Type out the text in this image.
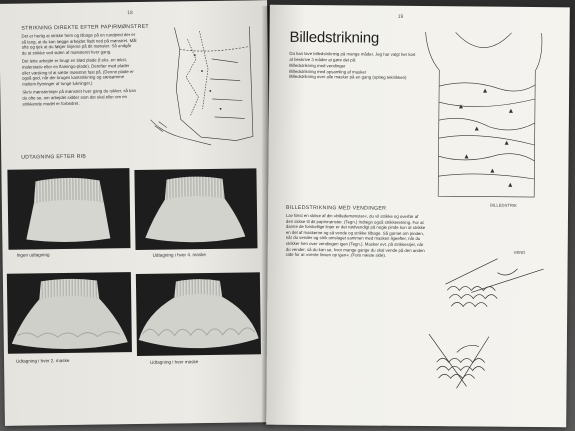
18
STRIKNING DIREKTE EFTER PAPIRMØNSTRET

Det er herlig at strikke frem og tilbage på en rundpind der er så lang, at du kan lægge arbejdet fladt ned på mønstret. Mål ofte og tjek at du følger linjerne på dit mønster. Så undgår du at strikke ved siden af mønsteret hver gang.

Det lette arbejde er brugt en blød plade (f.eks. en tekst, malerstativ eller en flamingo-plade). Derefter med plader eller væsking til at sætte mønstret fast på. (Denne plade er også god, når der bruges kantstrikning og sætsømme mellem flytninger af tunge lukninger.)

Skriv mønsterlinjer på mønstret hver gang du rykker, så kan du ofte se, om arbejdet sidder som det skal eller om en strikkende model er forbedret.

UDTAGNING EFTER RIB
Ingen udtagning	Udtagning i hver 4. maske
Udtagning i hver 2. maske	Udtagning i hver maske
19
Billedstrikning

Da kan lave billedstrikning på mange måder. Jeg har valgt her kort at beskrive 3 måder at gøre det på:

Billedstrikning med vendinger
Billedstrikning med opsamling af masker
Billedstrikning over alle masker på en gang (oplæg teknikken)
BILLEDSTRIK
BILLEDSTRIKNING MED VENDINGER
Lav først en skitse af din »billedemønster«, du vil strikke og overfør af den skitse til dit papirmønster. (Tegn.) Indtegn også strikkeretning. For at danne de forskellige linjer er det nødvendigt på nogle pinde kun at strikke en del af maskerne og så vende og strikke tilbage. Så garnet om pinden, når du vender og strik omslaget sammen med masken ligeefter, når du strikker hen over vendingen igen (Tegn.). Masker evt. på strikkesrjet, når du vender, så du kan se, hvor mange gange du skal vende på den anden side for at »vente linsen op igen«. (Foto næste side).	VEND
